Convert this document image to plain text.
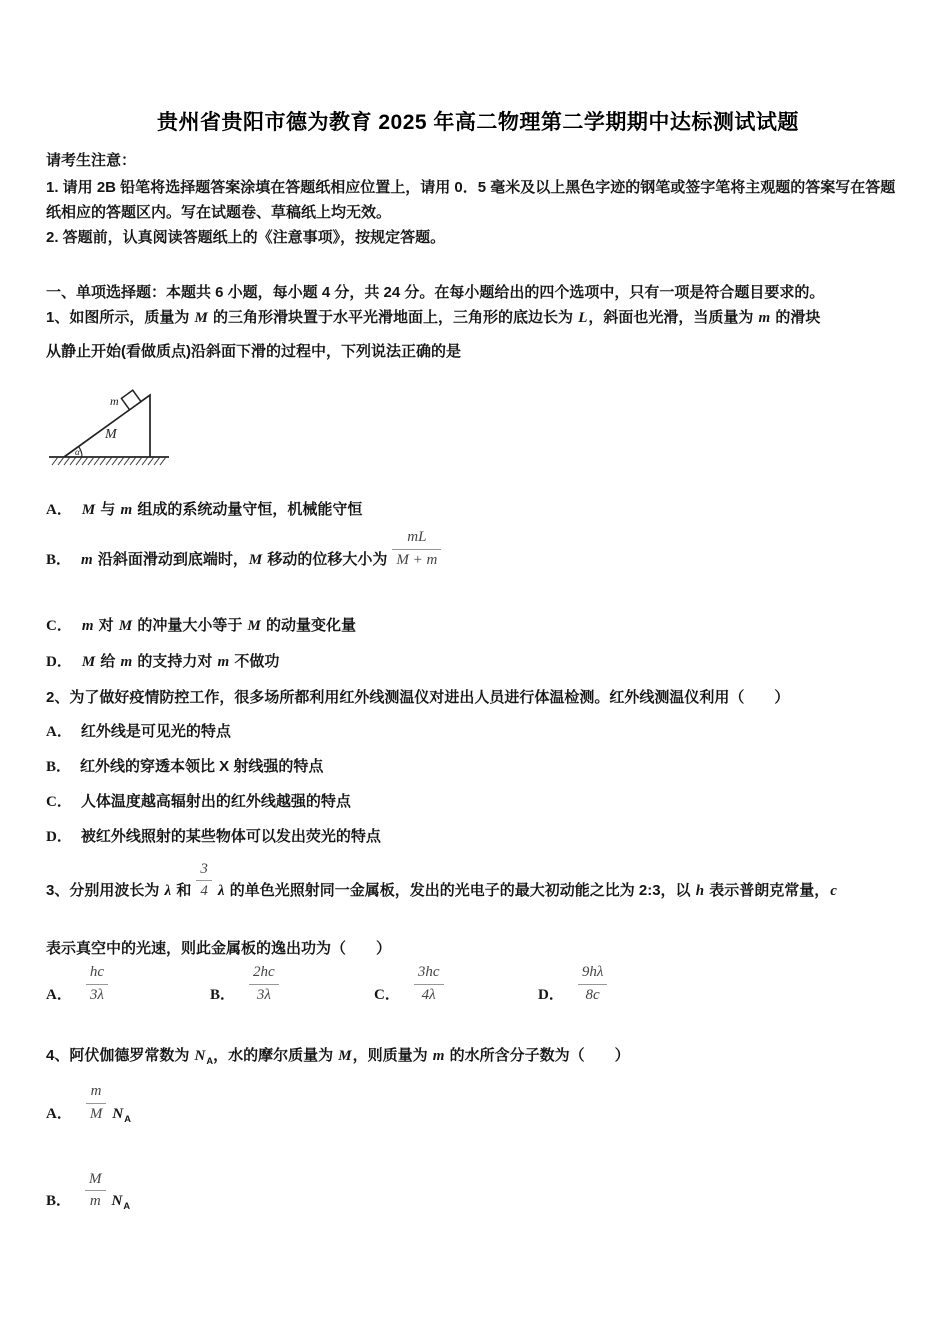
贵州省贵阳市德为教育 2025 年高二物理第二学期期中达标测试试题
请考生注意：
1. 请用 2B 铅笔将选择题答案涂填在答题纸相应位置上，请用 0．5 毫米及以上黑色字迹的钢笔或签字笔将主观题的答案写在答题纸相应的答题区内。写在试题卷、草稿纸上均无效。
2. 答题前，认真阅读答题纸上的《注意事项》，按规定答题。
一、单项选择题：本题共 6 小题，每小题 4 分，共 24 分。在每小题给出的四个选项中，只有一项是符合题目要求的。
1、如图所示，质量为 M 的三角形滑块置于水平光滑地面上，三角形的底边长为 L，斜面也光滑，当质量为 m 的滑块
从静止开始(看做质点)沿斜面下滑的过程中，下列说法正确的是
m
M
α
A． M 与 m 组成的系统动量守恒，机械能守恒
B． m 沿斜面滑动到底端时，M 移动的位移大小为 $\frac{mL}{M + m}$
C． m 对 M 的冲量大小等于 M 的动量变化量
D． M 给 m 的支持力对 m 不做功
2、为了做好疫情防控工作，很多场所都利用红外线测温仪对进出人员进行体温检测。红外线测温仪利用（　　）
A． 红外线是可见光的特点
B． 红外线的穿透本领比 X 射线强的特点
C． 人体温度越高辐射出的红外线越强的特点
D． 被红外线照射的某些物体可以发出荧光的特点
3、分别用波长为 λ 和 $\frac{3}{4}$ λ 的单色光照射同一金属板，发出的光电子的最大初动能之比为 2:3，以 h 表示普朗克常量，c
表示真空中的光速，则此金属板的逸出功为（　　）
A． $\frac{hc}{3\lambda}$	B． $\frac{2hc}{3\lambda}$	C． $\frac{3hc}{4\lambda}$	D． $\frac{9h\lambda}{8c}$
4、阿伏伽德罗常数为 $N_A$，水的摩尔质量为 M，则质量为 m 的水所含分子数为（　　）
A． $\frac{m}{M} N_A$
B． $\frac{M}{m} N_A$
